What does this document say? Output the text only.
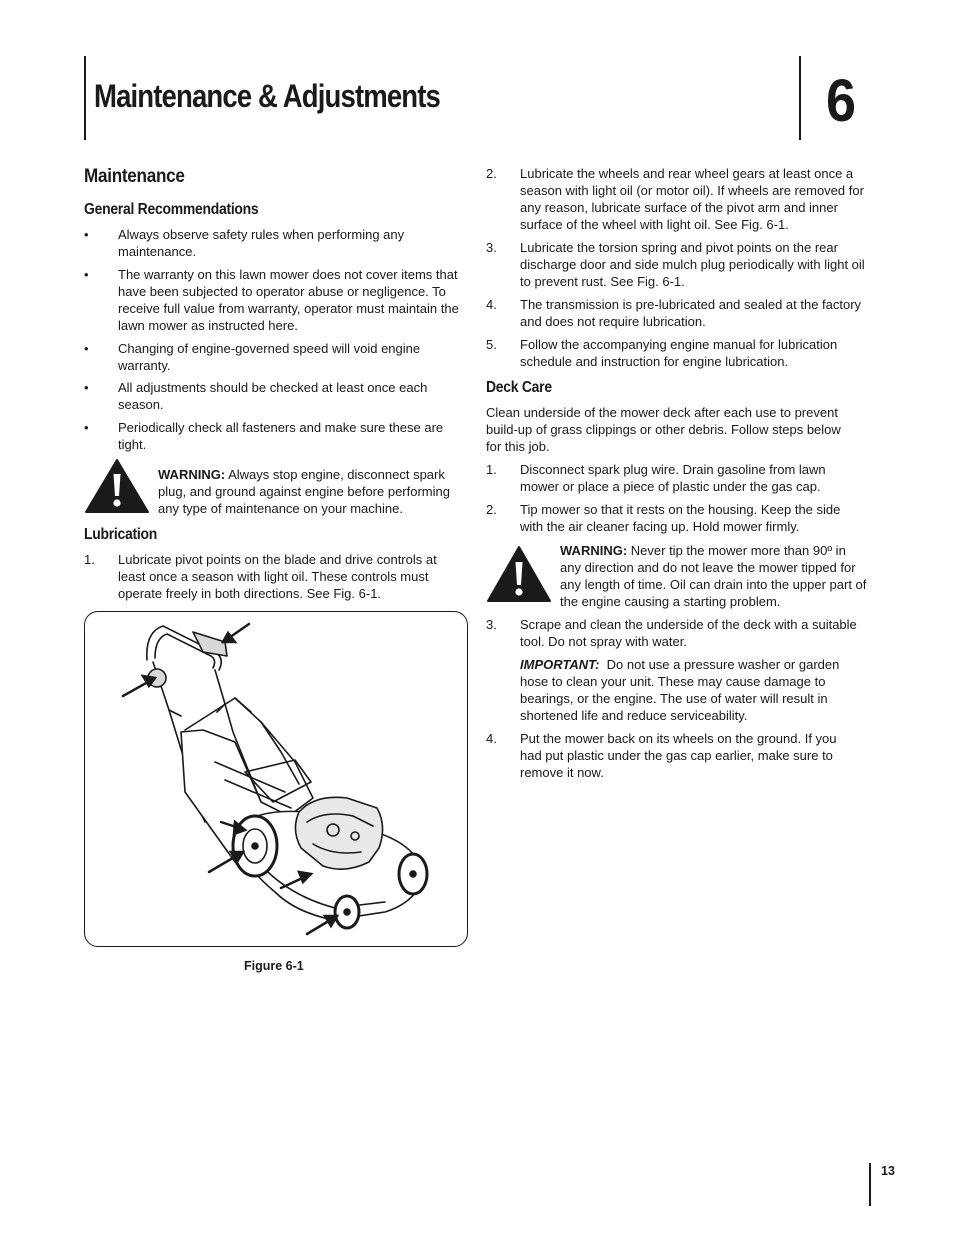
Maintenance & Adjustments	6
Maintenance
General Recommendations
• Always observe safety rules when performing any maintenance.
• The warranty on this lawn mower does not cover items that have been subjected to operator abuse or negligence. To receive full value from warranty, operator must maintain the lawn mower as instructed here.
• Changing of engine-governed speed will void engine warranty.
• All adjustments should be checked at least once each season.
• Periodically check all fasteners and make sure these are tight.
WARNING: Always stop engine, disconnect spark plug, and ground against engine before performing any type of maintenance on your machine.
Lubrication
1. Lubricate pivot points on the blade and drive controls at least once a season with light oil. These controls must operate freely in both directions. See Fig. 6-1.
Figure 6-1
2. Lubricate the wheels and rear wheel gears at least once a season with light oil (or motor oil). If wheels are removed for any reason, lubricate surface of the pivot arm and inner surface of the wheel with light oil. See Fig. 6-1.
3. Lubricate the torsion spring and pivot points on the rear discharge door and side mulch plug periodically with light oil to prevent rust. See Fig. 6-1.
4. The transmission is pre-lubricated and sealed at the factory and does not require lubrication.
5. Follow the accompanying engine manual for lubrication schedule and instruction for engine lubrication.
Deck Care
Clean underside of the mower deck after each use to prevent build-up of grass clippings or other debris. Follow steps below for this job.
1. Disconnect spark plug wire. Drain gasoline from lawn mower or place a piece of plastic under the gas cap.
2. Tip mower so that it rests on the housing. Keep the side with the air cleaner facing up. Hold mower firmly.
WARNING: Never tip the mower more than 90º in any direction and do not leave the mower tipped for any length of time. Oil can drain into the upper part of the engine causing a starting problem.
3. Scrape and clean the underside of the deck with a suitable tool. Do not spray with water.
IMPORTANT:  Do not use a pressure washer or garden hose to clean your unit. These may cause damage to bearings, or the engine. The use of water will result in shortened life and reduce serviceability.
4. Put the mower back on its wheels on the ground. If you had put plastic under the gas cap earlier, make sure to remove it now.
13
